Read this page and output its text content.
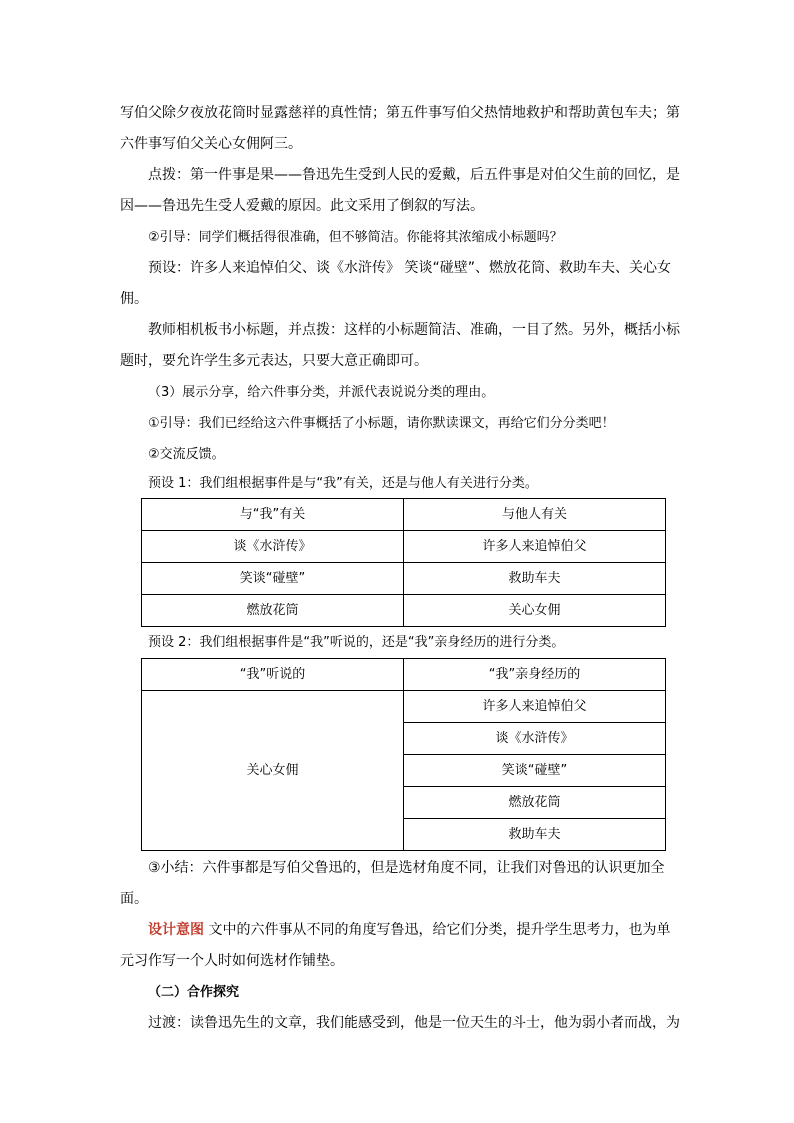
写伯父除夕夜放花筒时显露慈祥的真性情；第五件事写伯父热情地救护和帮助黄包车夫；第

六件事写伯父关心女佣阿三。

点拨：第一件事是果——鲁迅先生受到人民的爱戴，后五件事是对伯父生前的回忆，是

因——鲁迅先生受人爱戴的原因。此文采用了倒叙的写法。

②引导：同学们概括得很准确，但不够简洁。你能将其浓缩成小标题吗？

预设：许多人来追悼伯父、谈《水浒传》 笑谈“碰壁”、燃放花筒、救助车夫、关心女

佣。

教师相机板书小标题，并点拨：这样的小标题简洁、准确，一目了然。另外，概括小标

题时，要允许学生多元表达，只要大意正确即可。

（3）展示分享，给六件事分类，并派代表说说分类的理由。

①引导：我们已经给这六件事概括了小标题，请你默读课文，再给它们分分类吧！

②交流反馈。

预设 1：我们组根据事件是与“我”有关，还是与他人有关进行分类。

与“我”有关	与他人有关
谈《水浒传》	许多人来追悼伯父
笑谈“碰壁”	救助车夫
燃放花筒	关心女佣

预设 2：我们组根据事件是“我”听说的，还是“我”亲身经历的进行分类。

“我”听说的	“我”亲身经历的
关心女佣	许多人来追悼伯父
	谈《水浒传》
	笑谈“碰壁”
	燃放花筒
	救助车夫

③小结：六件事都是写伯父鲁迅的，但是选材角度不同，让我们对鲁迅的认识更加全面。

设计意图 文中的六件事从不同的角度写鲁迅，给它们分类，提升学生思考力，也为单

元习作写一个人时如何选材作铺垫。

（二）合作探究

过渡：读鲁迅先生的文章，我们能感受到，他是一位天生的斗士，他为弱小者而战，为
